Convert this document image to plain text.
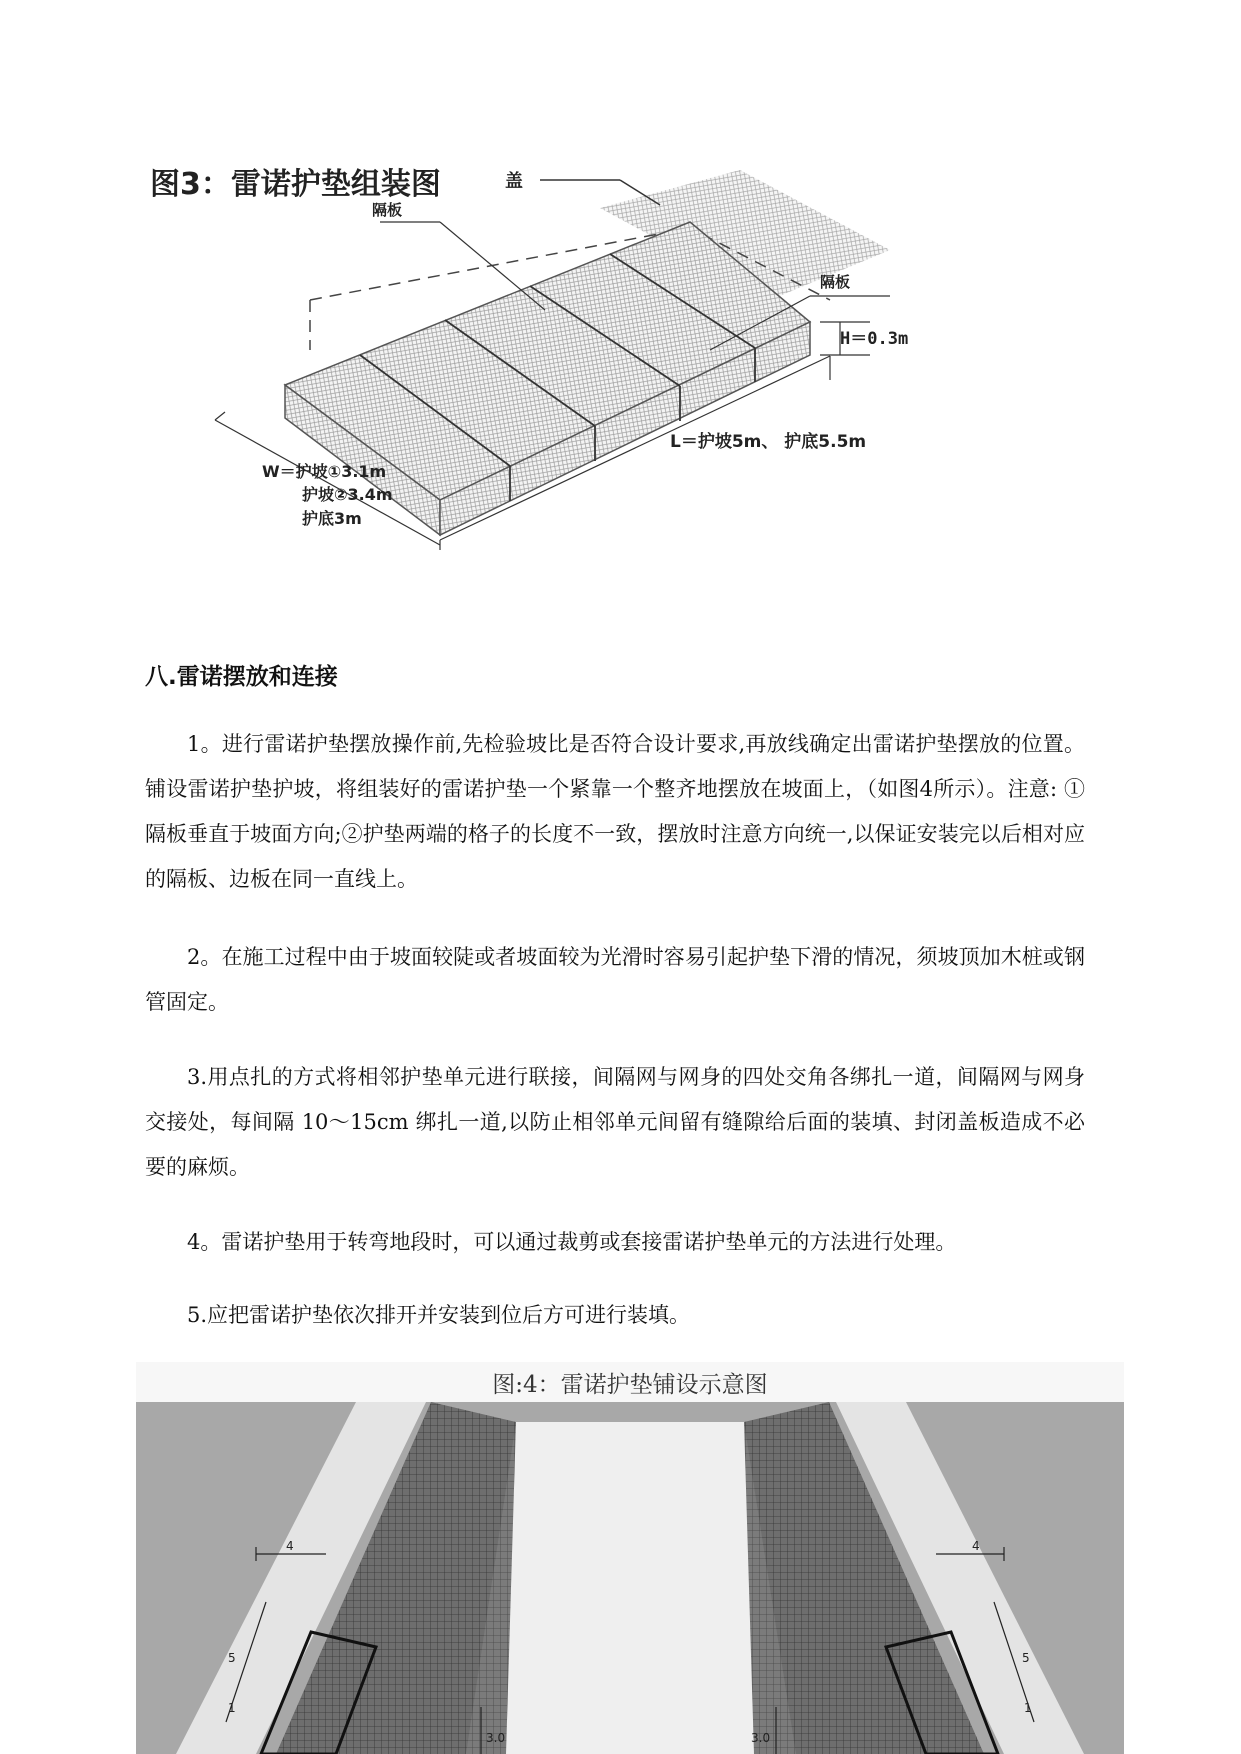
图3：雷诺护垫组装图	盖
隔板
隔板
H＝0.3m
L＝护坡5m、 护底5.5m
W＝护坡①3.1m
护坡②3.4m
护底3m
八.雷诺摆放和连接

1。进行雷诺护垫摆放操作前,先检验坡比是否符合设计要求,再放线确定出雷诺护垫摆放的位置。铺设雷诺护垫护坡，将组装好的雷诺护垫一个紧靠一个整齐地摆放在坡面上，（如图4所示）。注意: ①隔板垂直于坡面方向;②护垫两端的格子的长度不一致，摆放时注意方向统一,以保证安装完以后相对应的隔板、边板在同一直线上。

2。在施工过程中由于坡面较陡或者坡面较为光滑时容易引起护垫下滑的情况，须坡顶加木桩或钢管固定。

3.用点扎的方式将相邻护垫单元进行联接，间隔网与网身的四处交角各绑扎一道，间隔网与网身交接处，每间隔 10～15cm 绑扎一道,以防止相邻单元间留有缝隙给后面的装填、封闭盖板造成不必要的麻烦。

4。雷诺护垫用于转弯地段时，可以通过裁剪或套接雷诺护垫单元的方法进行处理。

5.应把雷诺护垫依次排开并安装到位后方可进行装填。

图:4：雷诺护垫铺设示意图
4	4
5
1
5
1
3.0	3.0
